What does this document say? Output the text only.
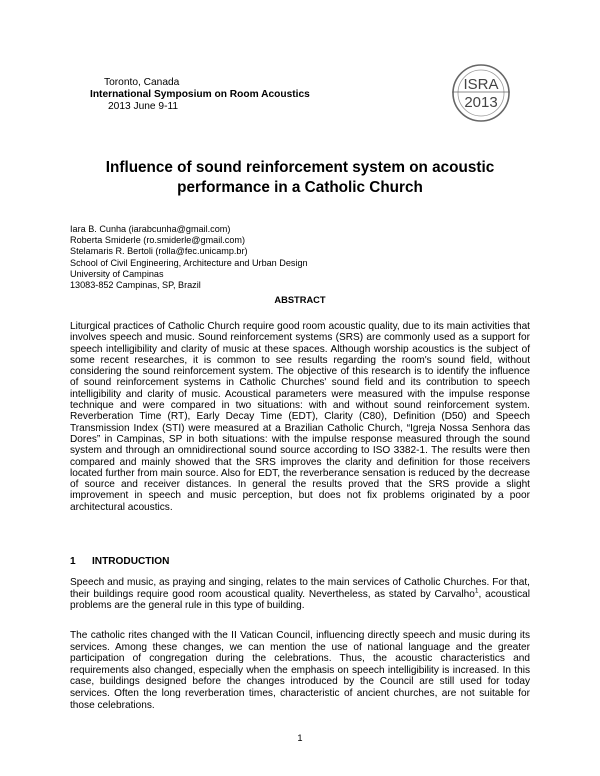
Toronto, Canada
International Symposium on Room Acoustics
2013 June 9-11
ISRA
2013
Influence of sound reinforcement system on acoustic
performance in a Catholic Church
Iara B. Cunha (iarabcunha@gmail.com)
Roberta Smiderle (ro.smiderle@gmail.com)
Stelamaris R. Bertoli (rolla@fec.unicamp.br)
School of Civil Engineering, Architecture and Urban Design
University of Campinas
13083-852 Campinas, SP, Brazil
ABSTRACT

Liturgical practices of Catholic Church require good room acoustic quality, due to its main activities that involves speech and music. Sound reinforcement systems (SRS) are commonly used as a support for speech intelligibility and clarity of music at these spaces. Although worship acoustics is the subject of some recent researches, it is common to see results regarding the room's sound field, without considering the sound reinforcement system. The objective of this research is to identify the influence of sound reinforcement systems in Catholic Churches' sound field and its contribution to speech intelligibility and clarity of music. Acoustical parameters were measured with the impulse response technique and were compared in two situations: with and without sound reinforcement system. Reverberation Time (RT), Early Decay Time (EDT), Clarity (C80), Definition (D50) and Speech Transmission Index (STI) were measured at a Brazilian Catholic Church, “Igreja Nossa Senhora das Dores” in Campinas, SP in both situations: with the impulse response measured through the sound system and through an omnidirectional sound source according to ISO 3382-1. The results were then compared and mainly showed that the SRS improves the clarity and definition for those receivers located further from main source. Also for EDT, the reverberance sensation is reduced by the decrease of source and receiver distances. In general the results proved that the SRS provide a slight improvement in speech and music perception, but does not fix problems originated by a poor architectural acoustics.

1 INTRODUCTION

Speech and music, as praying and singing, relates to the main services of Catholic Churches. For that, their buildings require good room acoustical quality. Nevertheless, as stated by Carvalho$^1$, acoustical problems are the general rule in this type of building.

The catholic rites changed with the II Vatican Council, influencing directly speech and music during its services. Among these changes, we can mention the use of national language and the greater participation of congregation during the celebrations. Thus, the acoustic characteristics and requirements also changed, especially when the emphasis on speech intelligibility is increased. In this case, buildings designed before the changes introduced by the Council are still used for today services. Often the long reverberation times, characteristic of ancient churches, are not suitable for those celebrations.

1
